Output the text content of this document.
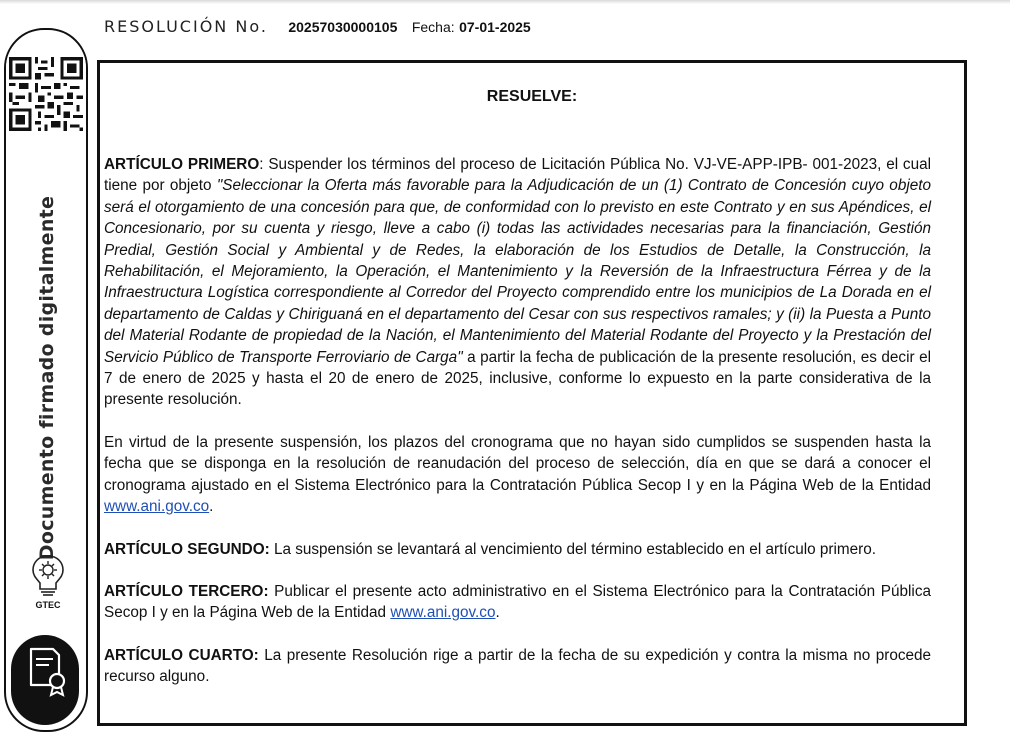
RESOLUCIÓN No. 20257030000105 Fecha: 07-01-2025
Documento firmado digitalmente
GTEC
RESUELVE:

ARTÍCULO PRIMERO: Suspender los términos del proceso de Licitación Pública No. VJ-VE-APP-IPB- 001-2023, el cual tiene por objeto "Seleccionar la Oferta más favorable para la Adjudicación de un (1) Contrato de Concesión cuyo objeto será el otorgamiento de una concesión para que, de conformidad con lo previsto en este Contrato y en sus Apéndices, el Concesionario, por su cuenta y riesgo, lleve a cabo (i) todas las actividades necesarias para la financiación, Gestión Predial, Gestión Social y Ambiental y de Redes, la elaboración de los Estudios de Detalle, la Construcción, la Rehabilitación, el Mejoramiento, la Operación, el Mantenimiento y la Reversión de la Infraestructura Férrea y de la Infraestructura Logística correspondiente al Corredor del Proyecto comprendido entre los municipios de La Dorada en el departamento de Caldas y Chiriguaná en el departamento del Cesar con sus respectivos ramales; y (ii) la Puesta a Punto del Material Rodante de propiedad de la Nación, el Mantenimiento del Material Rodante del Proyecto y la Prestación del Servicio Público de Transporte Ferroviario de Carga" a partir la fecha de publicación de la presente resolución, es decir el 7 de enero de 2025 y hasta el 20 de enero de 2025, inclusive, conforme lo expuesto en la parte considerativa de la presente resolución.

En virtud de la presente suspensión, los plazos del cronograma que no hayan sido cumplidos se suspenden hasta la fecha que se disponga en la resolución de reanudación del proceso de selección, día en que se dará a conocer el cronograma ajustado en el Sistema Electrónico para la Contratación Pública Secop I y en la Página Web de la Entidad www.ani.gov.co.

ARTÍCULO SEGUNDO: La suspensión se levantará al vencimiento del término establecido en el artículo primero.

ARTÍCULO TERCERO: Publicar el presente acto administrativo en el Sistema Electrónico para la Contratación Pública Secop I y en la Página Web de la Entidad www.ani.gov.co.

ARTÍCULO CUARTO: La presente Resolución rige a partir de la fecha de su expedición y contra la misma no procede recurso alguno.
